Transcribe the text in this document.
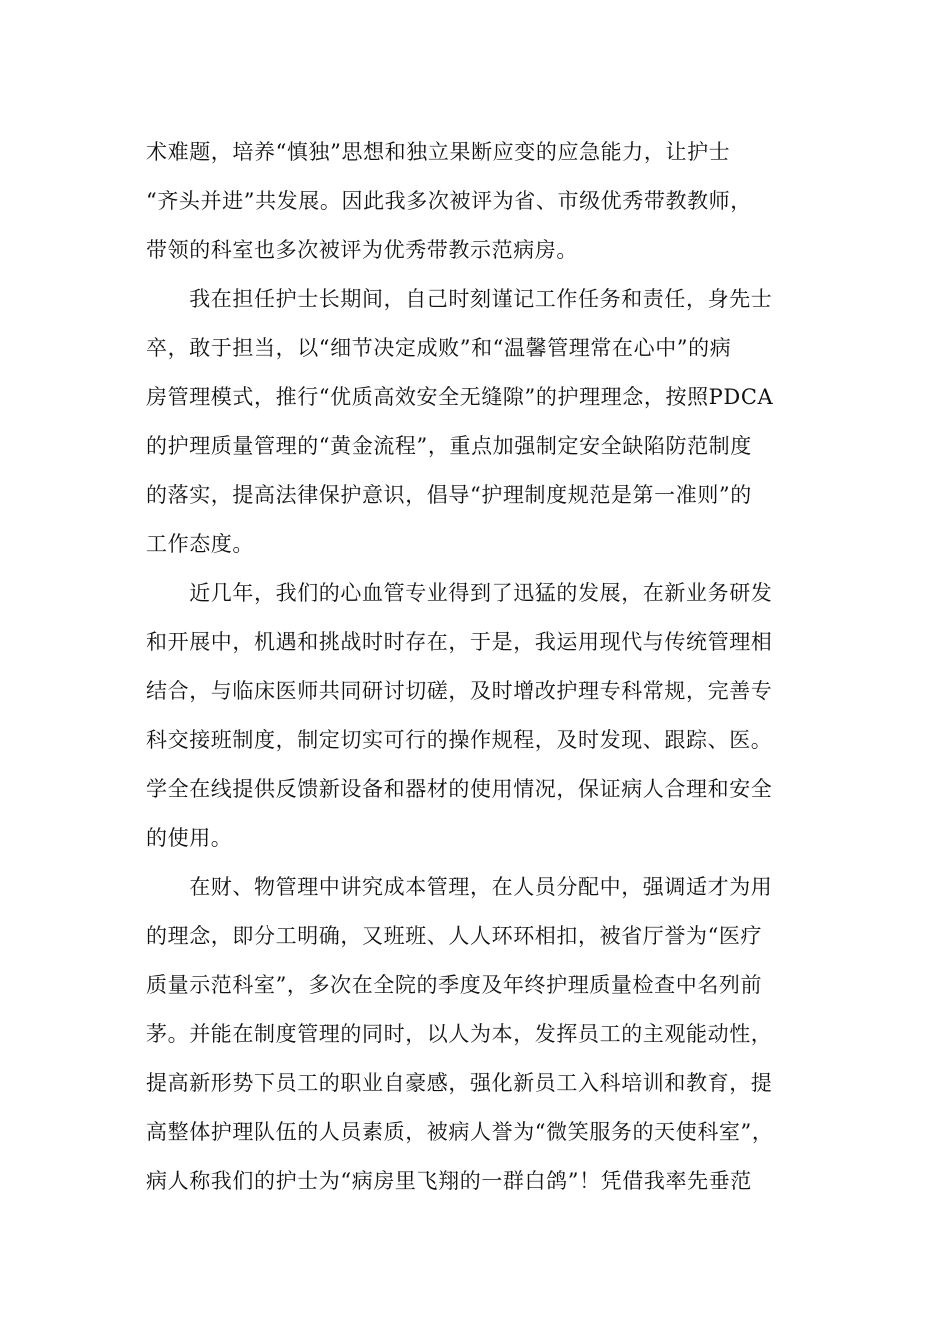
术难题，培养“慎独”思想和独立果断应变的应急能力，让护士
“齐头并进”共发展。因此我多次被评为省、市级优秀带教教师，
带领的科室也多次被评为优秀带教示范病房。
　　我在担任护士长期间，自己时刻谨记工作任务和责任，身先士
卒，敢于担当，以“细节决定成败”和“温馨管理常在心中”的病
房管理模式，推行“优质高效安全无缝隙”的护理理念，按照PDCA
的护理质量管理的“黄金流程”，重点加强制定安全缺陷防范制度
的落实，提高法律保护意识，倡导“护理制度规范是第一准则”的
工作态度。
　　近几年，我们的心血管专业得到了迅猛的发展，在新业务研发
和开展中，机遇和挑战时时存在，于是，我运用现代与传统管理相
结合，与临床医师共同研讨切磋，及时增改护理专科常规，完善专
科交接班制度，制定切实可行的操作规程，及时发现、跟踪、医。
学全在线提供反馈新设备和器材的使用情况，保证病人合理和安全
的使用。
　　在财、物管理中讲究成本管理，在人员分配中，强调适才为用
的理念，即分工明确，又班班、人人环环相扣，被省厅誉为“医疗
质量示范科室”，多次在全院的季度及年终护理质量检查中名列前
茅。并能在制度管理的同时，以人为本，发挥员工的主观能动性，
提高新形势下员工的职业自豪感，强化新员工入科培训和教育，提
高整体护理队伍的人员素质，被病人誉为“微笑服务的天使科室”，
病人称我们的护士为“病房里飞翔的一群白鸽”！凭借我率先垂范
